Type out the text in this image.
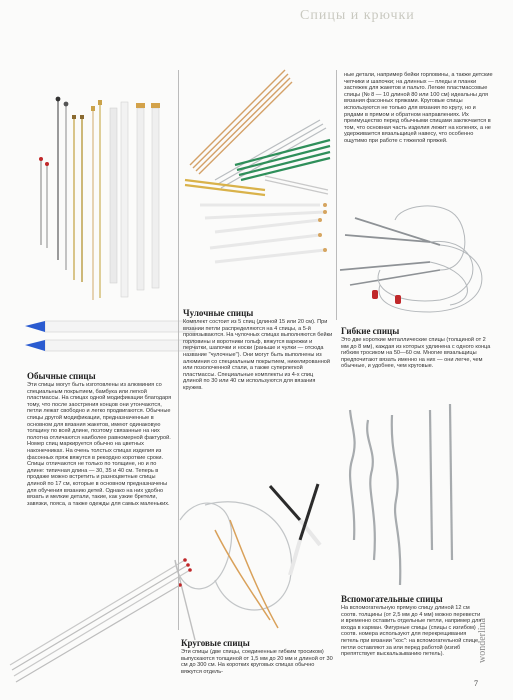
Спицы и крючки

ные детали, например бейки горловины, а также детские чепчики и шапочки; на длинных — пледы и планки застежек для жакетов и пальто. Легкие пластмассовые спицы (№ 8 — 10 длиной 80 или 100 см) идеальны для вязания фасонных пряжами. Круговые спицы используются не только для вязания по кругу, но и рядами в прямом и обратном направлениях. Их преимущество перед обычными спицами заключается в том, что основная часть изделия лежит на коленях, а не удерживается вязальщицей навесу, что особенно ощутимо при работе с тяжелой пряжей.

Обычные спицы

Эти спицы могут быть изготовлены из алюминия со специальным покрытием, бамбука или легкой пластмассы. На спицах одной модификации благодаря тому, что после заострения концов они утончаются, петли лежат свободно и легко продвигаются. Обычные спицы другой модификации, предназначенные в основном для вязания жакетов, имеют одинаковую толщину по всей длине, поэтому связанные на них полотна отличаются наиболее равномерной фактурой. Номер спиц маркируется обычно на цветных наконечниках. На очень толстых спицах изделия из фасонных пряж вяжутся в рекордно короткие сроки. Спицы отличаются не только по толщине, но и по длине: типичная длина — 30, 35 и 40 см. Теперь в продаже можно встретить и разноцветные спицы длиной по 17 см, которые в основном предназначены для обучения вязанию детей. Однако на них удобно вязать и мелкие детали, такие, как узкие бретели, завязки, пояса, а также одежды для самых маленьких.

Чулочные спицы

Комплект состоит из 5 спиц (длиной 15 или 20 см). При вязании петли распределяются на 4 спицы, а 5-й провязываются. На чулочных спицах выполняются бейки горловины и воротники гольф, вяжутся варежки и перчатки, шапочки и носки (раньше и чулки — отсюда название "чулочные"). Они могут быть выполнены из алюминия со специальным покрытием, никелированной или позолоченной стали, а также суперлегкой пластмассы. Специальные комплекты из 4-х спиц длиной по 30 или 40 см используются для вязания кружев.

Гибкие спицы

Это две короткие металлические спицы (толщиной от 2 мм до 8 мм), каждая из которых удлинена с одного конца гибким тросиком на 50—60 см. Многие вязальщицы предпочитают вязать именно на них — они легче, чем обычные, и удобнее, чем круговые.

Круговые спицы

Эти спицы (две спицы, соединенные гибким тросиком) выпускаются толщиной от 1,5 мм до 20 мм и длиной от 30 см до 300 см. На коротких круговых спицах обычно вяжутся отдель-

Вспомогательные спицы

На вспомогательную прямую спицу длиной 12 см соотв. толщины (от 2,5 мм до 4 мм) можно перевести и временно оставить отдельные петли, например для входа в карман. Фигурные спицы (спицы с изгибом) соотв. номера используют для перекрещивания петель при вязании "кос": на вспомогательной спице петли оставляют за или перед работой (изгиб препятствует выскальзыванию петель).	wonderlina
7
